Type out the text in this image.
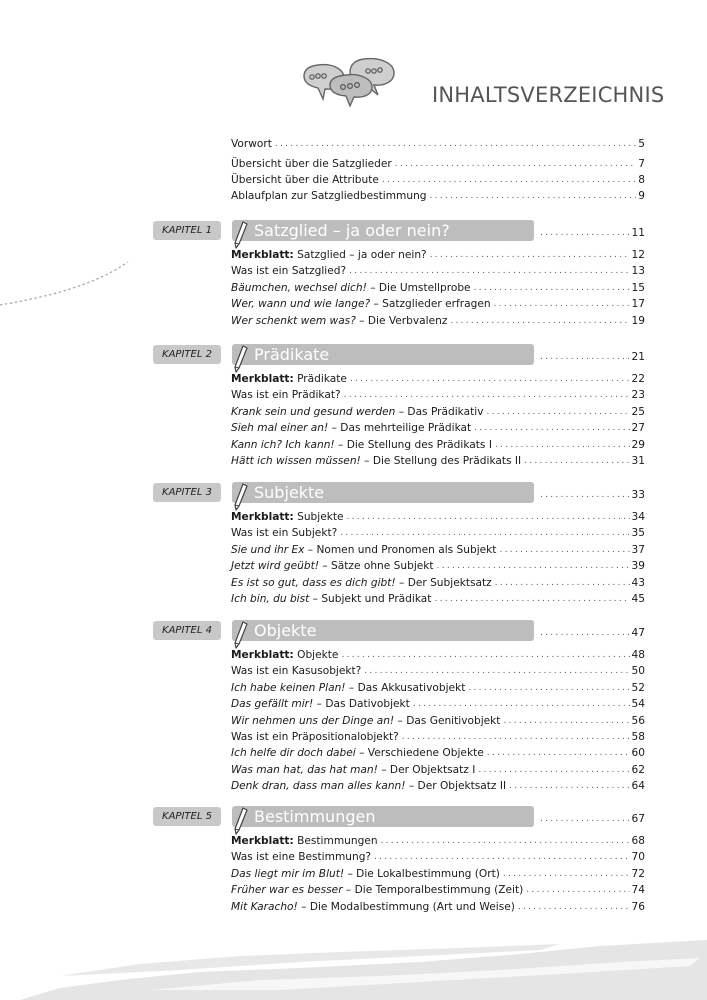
INHALTSVERZEICHNIS
Vorwort . . .	5
Übersicht über die Satzglieder . . .	7
Übersicht über die Attribute . . .	8
Ablaufplan zur Satzgliedbestimmung . . .	9
KAPITEL 1	Satzglied – ja oder nein? . . .	11
Merkblatt: Satzglied – ja oder nein? . . .	12
Was ist ein Satzglied? . . .	13
Bäumchen, wechsel dich! – Die Umstellprobe . . .	15
Wer, wann und wie lange? – Satzglieder erfragen . . .	17
Wer schenkt wem was? – Die Verbvalenz . . .	19
KAPITEL 2	Prädikate . . .	21
Merkblatt: Prädikate . . .	22
Was ist ein Prädikat? . . .	23
Krank sein und gesund werden – Das Prädikativ . . .	25
Sieh mal einer an! – Das mehrteilige Prädikat . . .	27
Kann ich? Ich kann! – Die Stellung des Prädikats I . . .	29
Hätt ich wissen müssen! – Die Stellung des Prädikats II . . .	31
KAPITEL 3	Subjekte . . .	33
Merkblatt: Subjekte . . .	34
Was ist ein Subjekt? . . .	35
Sie und ihr Ex – Nomen und Pronomen als Subjekt . . .	37
Jetzt wird geübt! – Sätze ohne Subjekt . . .	39
Es ist so gut, dass es dich gibt! – Der Subjektsatz . . .	43
Ich bin, du bist – Subjekt und Prädikat . . .	45
KAPITEL 4	Objekte . . .	47
Merkblatt: Objekte . . .	48
Was ist ein Kasusobjekt? . . .	50
Ich habe keinen Plan! – Das Akkusativobjekt . . .	52
Das gefällt mir! – Das Dativobjekt . . .	54
Wir nehmen uns der Dinge an! – Das Genitivobjekt . . .	56
Was ist ein Präpositionalobjekt? . . .	58
Ich helfe dir doch dabei – Verschiedene Objekte . . .	60
Was man hat, das hat man! – Der Objektsatz I . . .	62
Denk dran, dass man alles kann! – Der Objektsatz II . . .	64
KAPITEL 5	Bestimmungen . . .	67
Merkblatt: Bestimmungen . . .	68
Was ist eine Bestimmung? . . .	70
Das liegt mir im Blut! – Die Lokalbestimmung (Ort) . . .	72
Früher war es besser – Die Temporalbestimmung (Zeit) . . .	74
Mit Karacho! – Die Modalbestimmung (Art und Weise) . . .	76
